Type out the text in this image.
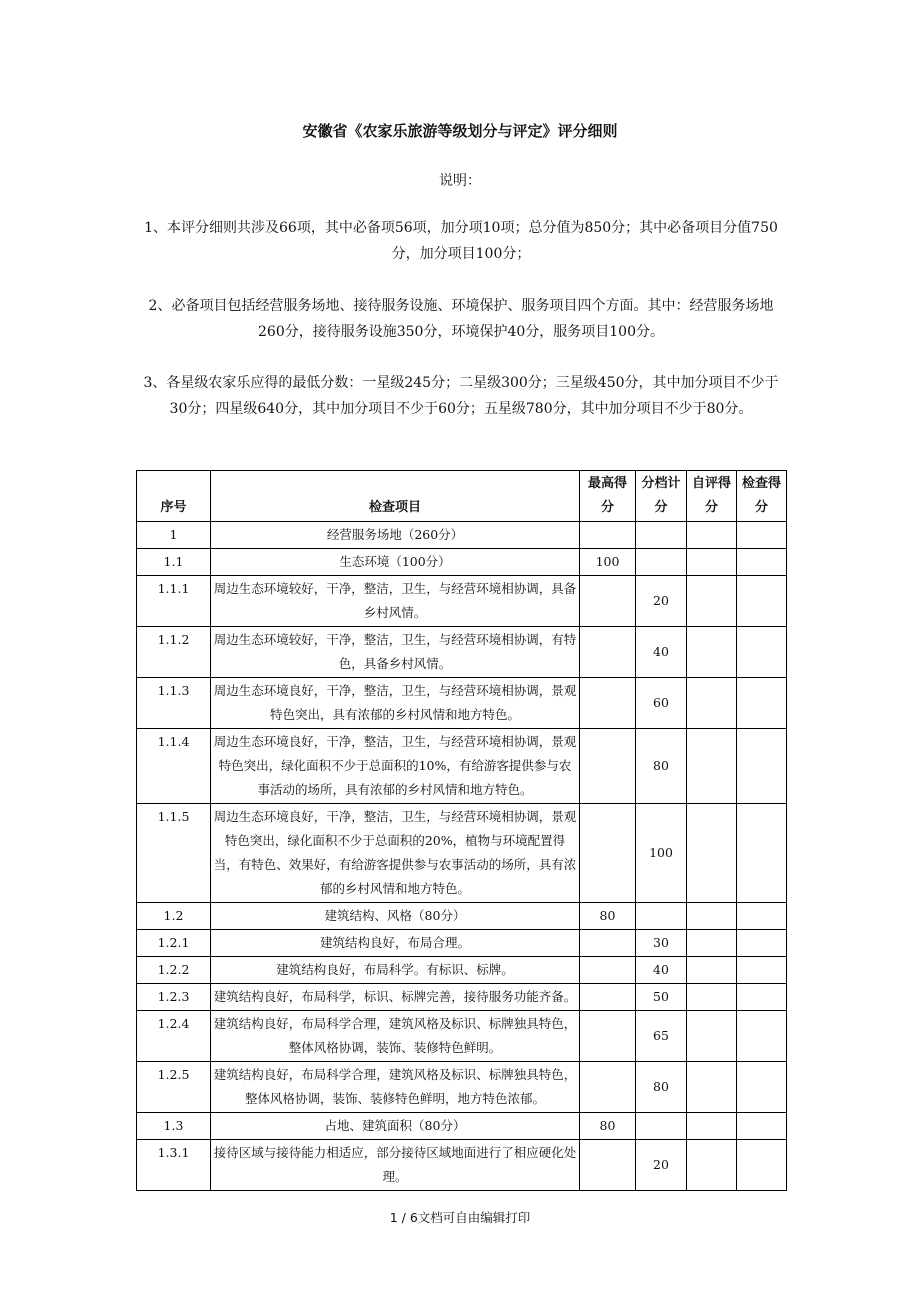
安徽省《农家乐旅游等级划分与评定》评分细则
说明：
1、本评分细则共涉及66项，其中必备项56项，加分项10项；总分值为850分；其中必备项目分值750分，加分项目100分；
2、必备项目包括经营服务场地、接待服务设施、环境保护、服务项目四个方面。其中：经营服务场地260分，接待服务设施350分，环境保护40分，服务项目100分。
3、各星级农家乐应得的最低分数：一星级245分；二星级300分；三星级450分，其中加分项目不少于30分；四星级640分，其中加分项目不少于60分；五星级780分，其中加分项目不少于80分。
序号	检查项目	最高得分	分档计分	自评得分	检查得分
1	经营服务场地（260分）				
1.1	生态环境（100分）	100			
1.1.1	周边生态环境较好，干净，整洁，卫生，与经营环境相协调，具备乡村风情。		20		
1.1.2	周边生态环境较好，干净，整洁，卫生，与经营环境相协调，有特色，具备乡村风情。		40		
1.1.3	周边生态环境良好，干净，整洁，卫生，与经营环境相协调，景观特色突出，具有浓郁的乡村风情和地方特色。		60		
1.1.4	周边生态环境良好，干净，整洁，卫生，与经营环境相协调，景观特色突出，绿化面积不少于总面积的10%，有给游客提供参与农事活动的场所，具有浓郁的乡村风情和地方特色。		80		
1.1.5	周边生态环境良好，干净，整洁，卫生，与经营环境相协调，景观特色突出，绿化面积不少于总面积的20%，植物与环境配置得当，有特色、效果好，有给游客提供参与农事活动的场所，具有浓郁的乡村风情和地方特色。		100		
1.2	建筑结构、风格（80分）	80			
1.2.1	建筑结构良好，布局合理。		30		
1.2.2	建筑结构良好，布局科学。有标识、标牌。		40		
1.2.3	建筑结构良好，布局科学，标识、标牌完善，接待服务功能齐备。		50		
1.2.4	建筑结构良好，布局科学合理，建筑风格及标识、标牌独具特色，整体风格协调，装饰、装修特色鲜明。		65		
1.2.5	建筑结构良好，布局科学合理，建筑风格及标识、标牌独具特色，整体风格协调，装饰、装修特色鲜明，地方特色浓郁。		80		
1.3	占地、建筑面积（80分）	80			
1.3.1	接待区域与接待能力相适应，部分接待区域地面进行了相应硬化处理。		20		
1 / 6文档可自由编辑打印
